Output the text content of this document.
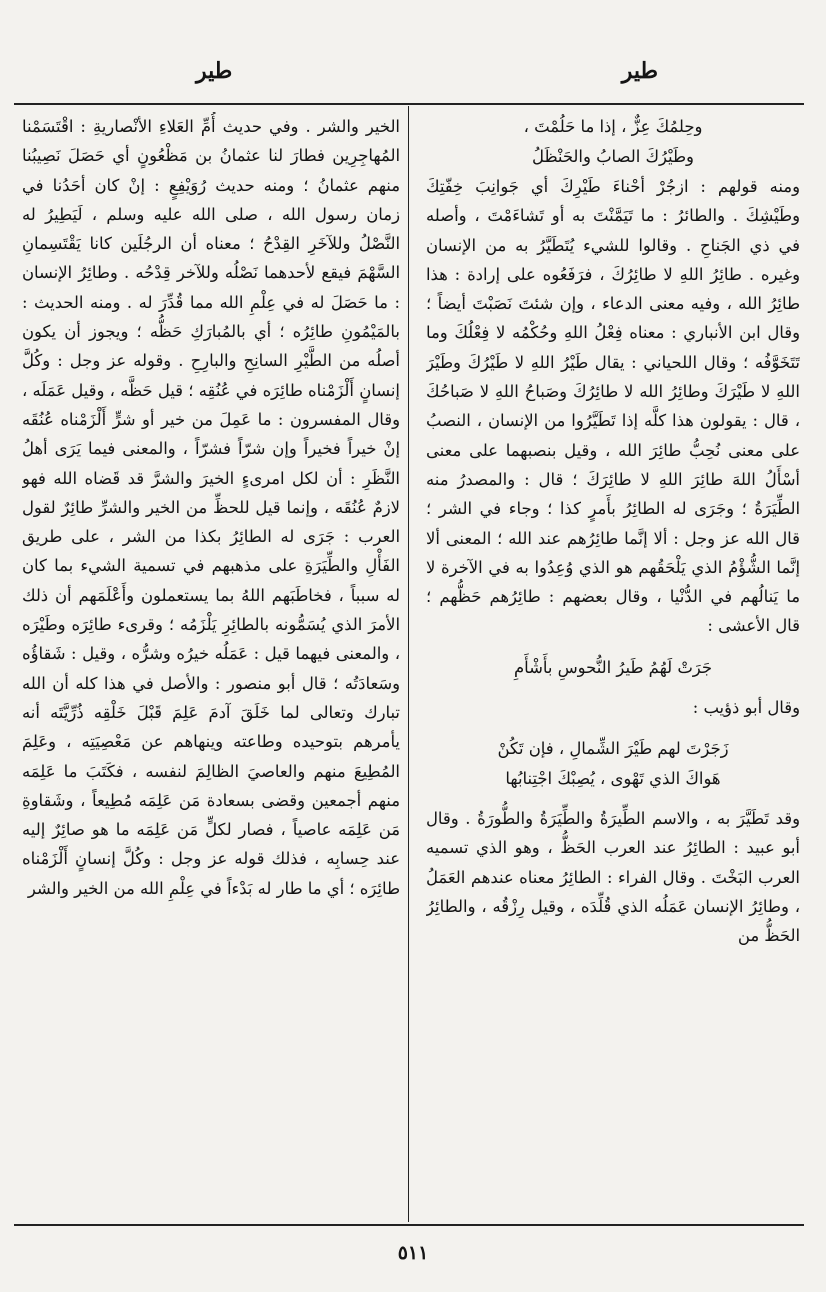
طير
طير

وحِلمُكَ عِزٌّ ، إذا ما حَلُمْتَ ،
وطَيْرُكَ الصابُ والحَنْظَلُ

ومنه قولهم : ازجُرْ أحْناءَ طَيْرِكَ أي جَوانِبَ خِفّتِكَ وطَيْشِكَ . والطائرُ : ما تَيَمَّنْتَ به أو تَشاءَمْتَ ، وأصله في ذي الجَناحِ . وقالوا للشيء يُتَطَيَّرُ به من الإنسان وغيره . طائِرُ اللهِ لا طائِرُكَ ، فرَفَعُوه على إرادة : هذا طائِرُ الله ، وفيه معنى الدعاء ، وإن شئتَ نَصَبْتَ أيضاً ؛ وقال ابن الأنباري : معناه فِعْلُ اللهِ وحُكْمُه لا فِعْلُكَ وما تَتَخَوَّفُه ؛ وقال اللحياني : يقال طَيْرُ اللهِ لا طَيْرُكَ وطَيْرَ اللهِ لا طَيْرَكَ وطائِرُ الله لا طائِرُكَ وصَباحُ اللهِ لا صَباحُكَ ، قال : يقولون هذا كلَّه إذا تَطَيَّرُوا من الإنسان ، النصبُ على معنى نُحِبُّ طائِرَ الله ، وقيل بنصبهما على معنى أسْأَلُ اللهَ طائِرَ اللهِ لا طائِرَكَ ؛ قال : والمصدرُ منه الطِّيَرَةُ ؛ وجَرَى له الطائِرُ بأَمرٍ كذا ؛ وجاء في الشر ؛ قال الله عز وجل : ألا إنَّما طائِرُهم عند الله ؛ المعنى ألا إنَّما الشُّؤْمُ الذي يَلْحَقُهم هو الذي وُعِدُوا به في الآخرة لا ما يَنالُهم في الدُّنْيا ، وقال بعضهم : طائِرُهم حَظُّهم ؛ قال الأعشى :

جَرَتْ لَهُمُ طَيرُ النُّحوسِ بأَشْأَمِ

وقال أبو ذؤيب :

زَجَرْتَ لهم طَيْرَ الشِّمالِ ، فإن تَكُنْ
هَواكَ الذي تَهْوى ، يُصِبْكَ اجْتِنابُها

وقد تَطَيَّرَ به ، والاسم الطِّيرَةُ والطِّيَرَةُ والطُّورَةُ . وقال أبو عبيد : الطائِرُ عند العرب الحَظُّ ، وهو الذي تسميه العرب البَخْتَ . وقال الفراء : الطائِرُ معناه عندهم العَمَلُ ، وطائِرُ الإنسان عَمَلُه الذي قُلِّدَه ، وقيل رِزْقُه ، والطائِرُ الحَظُّ من

الخير والشر . وفي حديث أُمِّ العَلاءِ الأنْصاريةِ : اقْتَسَمْنا المُهاجِرِين فطارَ لنا عثمانُ بن مَظْعُونٍ أي حَصَلَ نَصِيبُنا منهم عثمانُ ؛ ومنه حديث رُوَيْفِعٍ : إنْ كان أحَدُنا في زمان رسول الله ، صلى الله عليه وسلم ، لَيَطِيرُ له النَّصْلُ وللآخَرِ القِدْحُ ؛ معناه أن الرجُلَين كانا يَقْتَسِمانِ السَّهْمَ فيقع لأحدهما نَصْلُه وللآخر قِدْحُه . وطائِرُ الإنسان : ما حَصَلَ له في عِلْمِ الله مما قُدِّرَ له . ومنه الحديث : بالمَيْمُونِ طائِرُه ؛ أي بالمُبارَكِ حَظُّه ؛ ويجوز أن يكون أصلُه من الطَّيْرِ السانِحِ والبارِحِ . وقوله عز وجل : وكُلَّ إنسانٍ أَلْزَمْناه طائِرَه في عُنُقِه ؛ قيل حَظَّه ، وقيل عَمَلَه ، وقال المفسرون : ما عَمِلَ من خير أو شرٍّ أَلْزَمْناه عُنُقَه إنْ خيراً فخيراً وإن شرّاً فشرّاً ، والمعنى فيما يَرَى أهلُ النَّظَرِ : أن لكل امرىءٍ الخيرَ والشرَّ قد قَضاه الله فهو لازمٌ عُنُقَه ، وإنما قيل للحظِّ من الخير والشرِّ طائِرٌ لقول العرب : جَرَى له الطائِرُ بكذا من الشر ، على طريق الفَأْلِ والطِّيَرَةِ على مذهبهم في تسمية الشيء بما كان له سبباً ، فخاطَبَهم اللهُ بما يستعملون وأَعْلَمَهم أن ذلك الأمرَ الذي يُسَمُّونه بالطائِرِ يَلْزَمُه ؛ وقرىء طائِرَه وطَيْرَه ، والمعنى فيهما قيل : عَمَلُه خيرُه وشرُّه ، وقيل : شَقاؤُه وسَعادَتُه ؛ قال أبو منصور : والأصل في هذا كله أن الله تبارك وتعالى لما خَلَقَ آدمَ عَلِمَ قَبْلَ خَلْقِه ذُرِّيَّتَه أنه يأمرهم بتوحيده وطاعته وينهاهم عن مَعْصِيَتِه ، وعَلِمَ المُطِيعَ منهم والعاصيَ الظالِمَ لنفسه ، فكَتَبَ ما عَلِمَه منهم أجمعين وقضى بسعادة مَن عَلِمَه مُطِيعاً ، وشَقاوةِ مَن عَلِمَه عاصياً ، فصار لكلٍّ مَن عَلِمَه ما هو صائِرٌ إليه عند حِسابِه ، فذلك قوله عز وجل : وكُلَّ إنسانٍ أَلْزَمْناه طائِرَه ؛ أي ما طار له بَدْءاً في عِلْمِ الله من الخير والشر

٥١١
